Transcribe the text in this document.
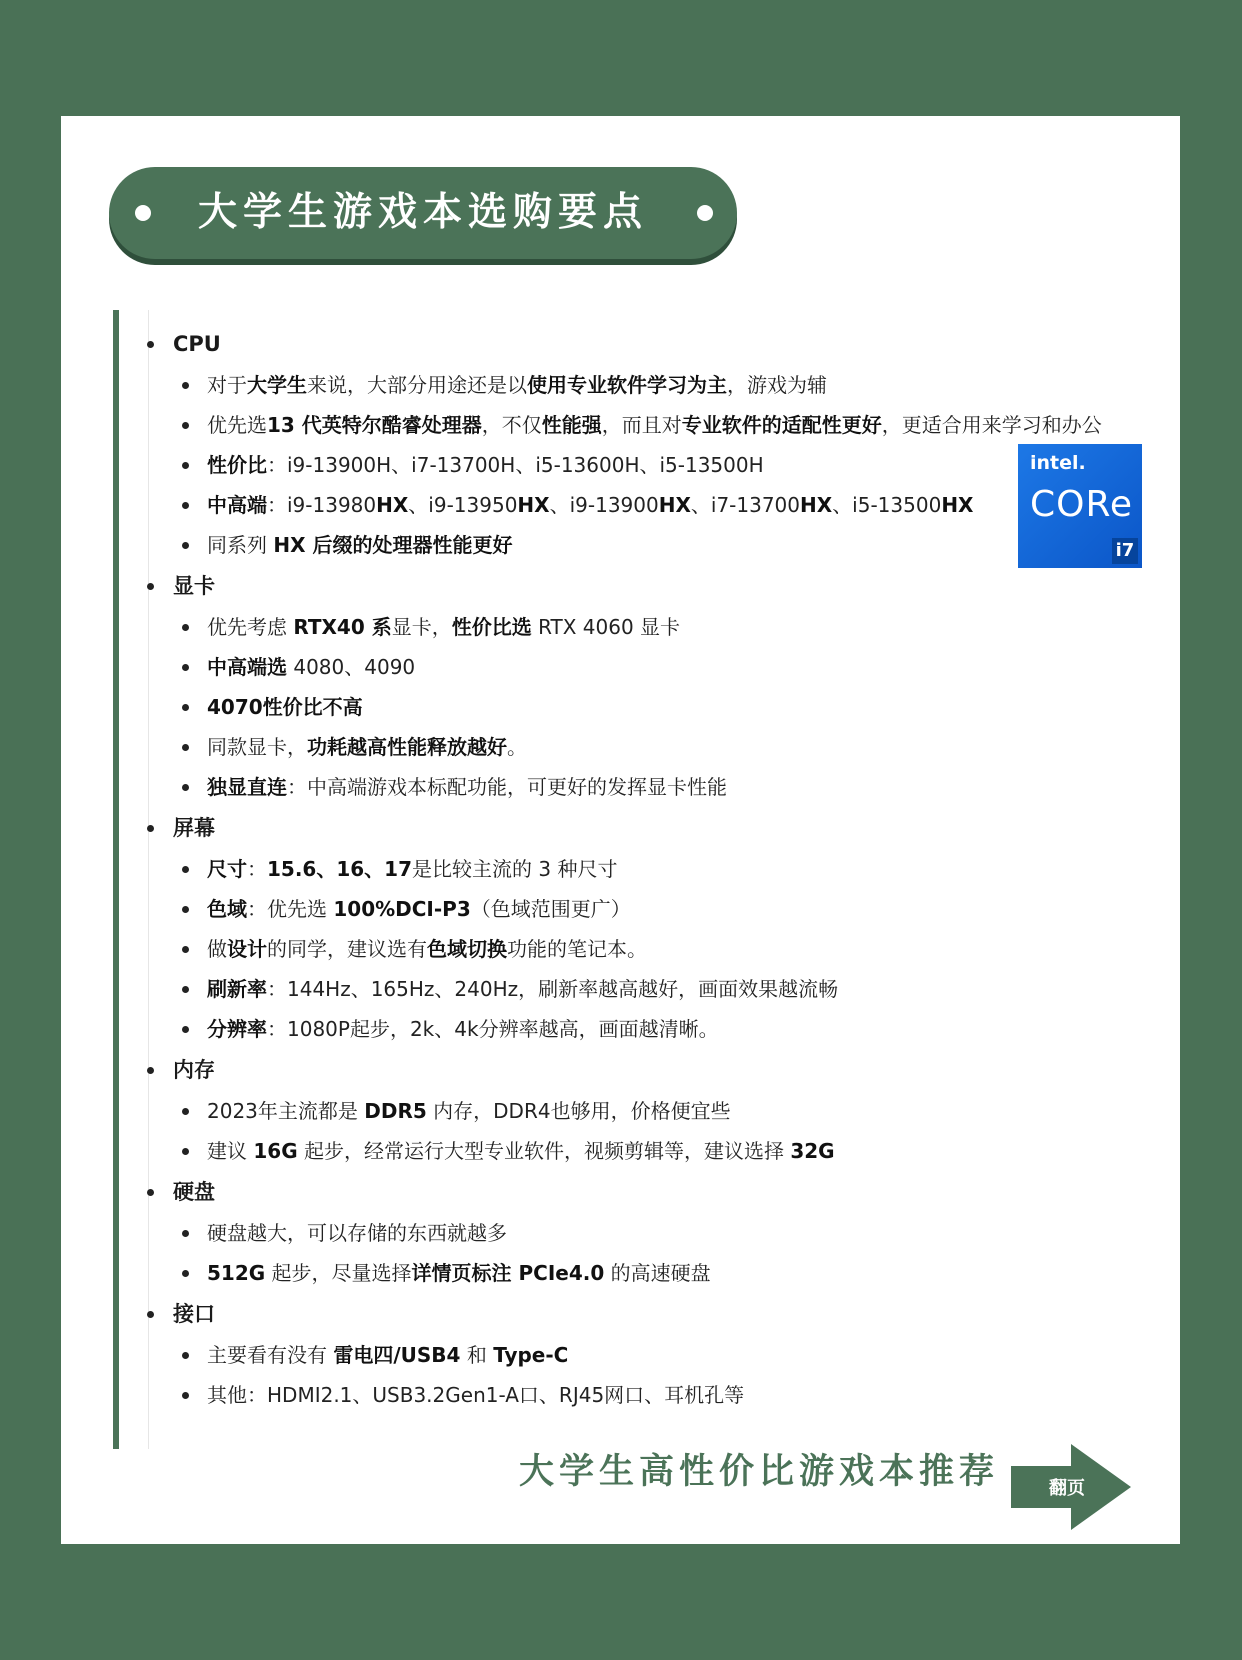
大学生游戏本选购要点
CPU
对于大学生来说，大部分用途还是以使用专业软件学习为主，游戏为辅
优先选13 代英特尔酷睿处理器，不仅性能强，而且对专业软件的适配性更好，更适合用来学习和办公
性价比：i9-13900H、i7-13700H、i5-13600H、i5-13500H
中高端：i9-13980HX、i9-13950HX、i9-13900HX、i7-13700HX、i5-13500HX
同系列 HX 后缀的处理器性能更好
显卡
优先考虑 RTX40 系显卡，性价比选 RTX 4060 显卡
中高端选 4080、4090
4070性价比不高
同款显卡，功耗越高性能释放越好。
独显直连：中高端游戏本标配功能，可更好的发挥显卡性能
屏幕
尺寸：15.6、16、17是比较主流的 3 种尺寸
色域：优先选 100%DCI-P3（色域范围更广）
做设计的同学，建议选有色域切换功能的笔记本。
刷新率：144Hz、165Hz、240Hz，刷新率越高越好，画面效果越流畅
分辨率：1080P起步，2k、4k分辨率越高，画面越清晰。
内存
2023年主流都是 DDR5 内存，DDR4也够用，价格便宜些
建议 16G 起步，经常运行大型专业软件，视频剪辑等，建议选择 32G
硬盘
硬盘越大，可以存储的东西就越多
512G 起步，尽量选择详情页标注 PCIe4.0 的高速硬盘
接口
主要看有没有 雷电四/USB4 和 Type-C
其他：HDMI2.1、USB3.2Gen1-A口、RJ45网口、耳机孔等
intel.
CORe
i7
大学生高性价比游戏本推荐	翻页
